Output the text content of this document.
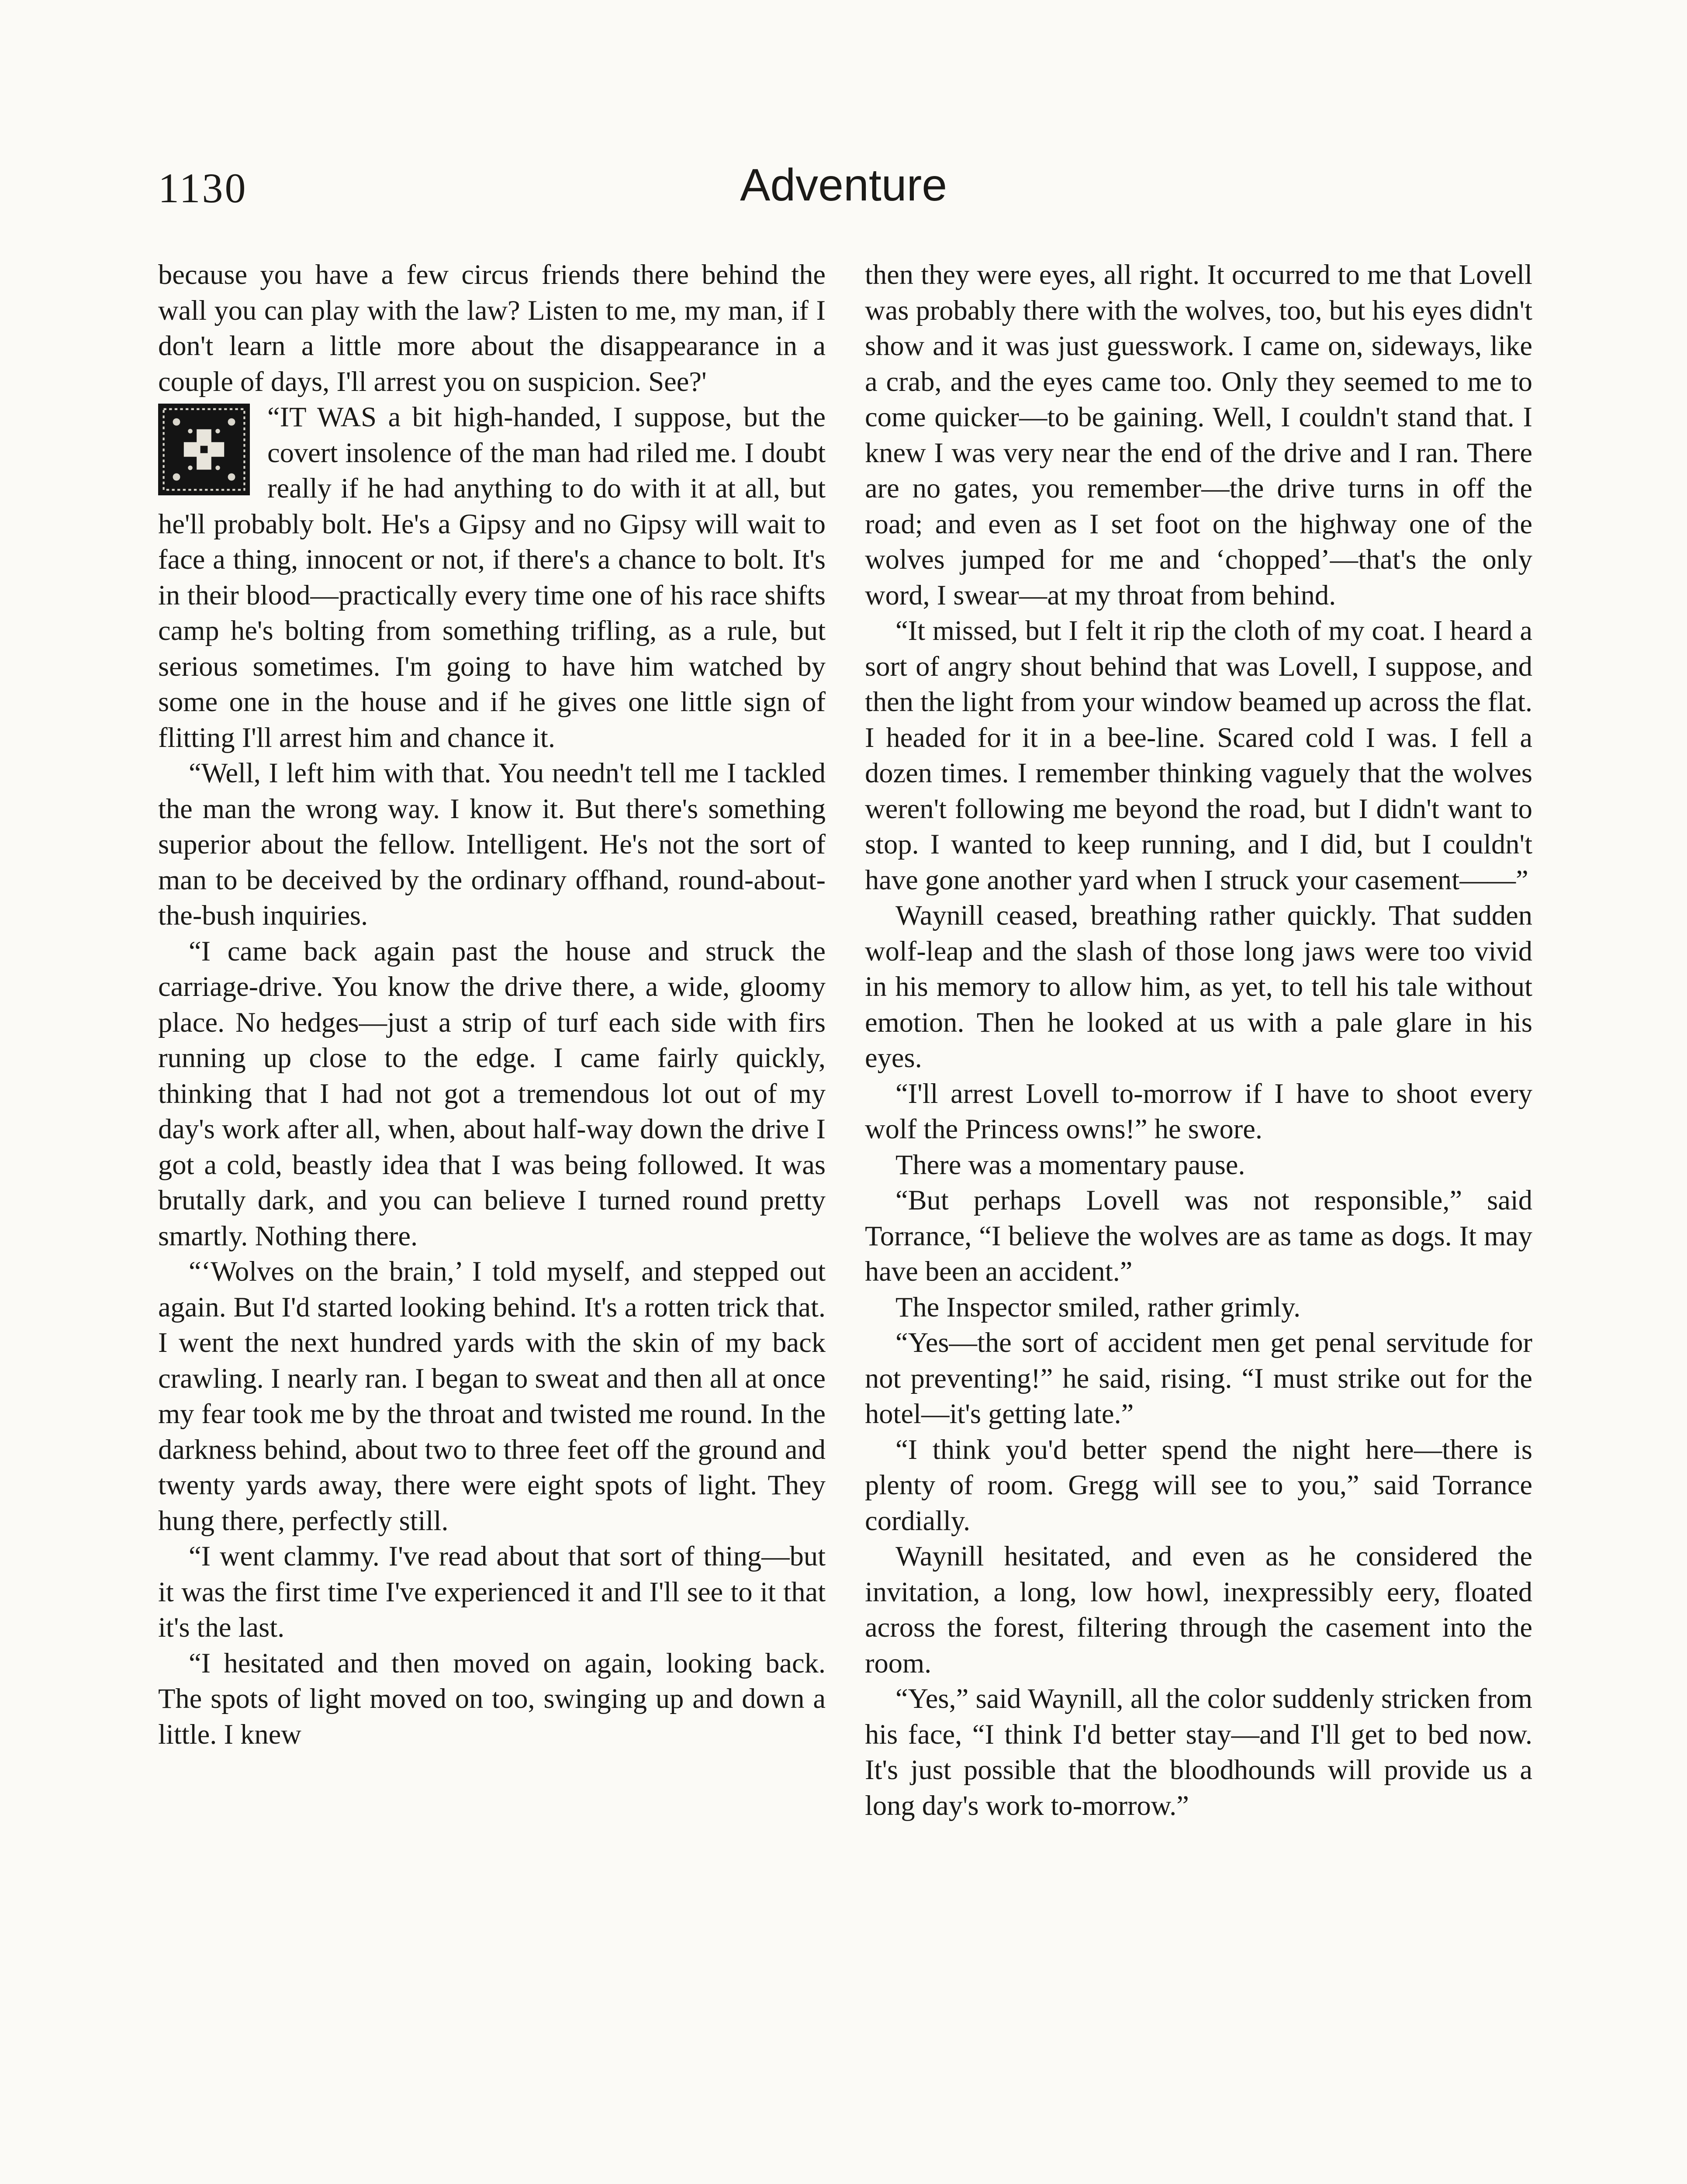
1130	Adventure

because you have a few circus friends there behind the wall you can play with the law? Listen to me, my man, if I don't learn a little more about the disappearance in a couple of days, I'll arrest you on suspicion. See?'

“IT WAS a bit high-handed, I suppose, but the covert insolence of the man had riled me. I doubt really if he had anything to do with it at all, but he'll probably bolt. He's a Gipsy and no Gipsy will wait to face a thing, innocent or not, if there's a chance to bolt. It's in their blood—practically every time one of his race shifts camp he's bolting from something trifling, as a rule, but serious sometimes. I'm going to have him watched by some one in the house and if he gives one little sign of flitting I'll arrest him and chance it.

“Well, I left him with that. You needn't tell me I tackled the man the wrong way. I know it. But there's something superior about the fellow. Intelligent. He's not the sort of man to be deceived by the ordinary offhand, round-about-the-bush inquiries.

“I came back again past the house and struck the carriage-drive. You know the drive there, a wide, gloomy place. No hedges—just a strip of turf each side with firs running up close to the edge. I came fairly quickly, thinking that I had not got a tremendous lot out of my day's work after all, when, about half-way down the drive I got a cold, beastly idea that I was being followed. It was brutally dark, and you can believe I turned round pretty smartly. Nothing there.

“‘Wolves on the brain,’ I told myself, and stepped out again. But I'd started looking behind. It's a rotten trick that. I went the next hundred yards with the skin of my back crawling. I nearly ran. I began to sweat and then all at once my fear took me by the throat and twisted me round. In the darkness behind, about two to three feet off the ground and twenty yards away, there were eight spots of light. They hung there, perfectly still.

“I went clammy. I've read about that sort of thing—but it was the first time I've experienced it and I'll see to it that it's the last.

“I hesitated and then moved on again, looking back. The spots of light moved on too, swinging up and down a little. I knew

then they were eyes, all right. It occurred to me that Lovell was probably there with the wolves, too, but his eyes didn't show and it was just guesswork. I came on, sideways, like a crab, and the eyes came too. Only they seemed to me to come quicker—to be gaining. Well, I couldn't stand that. I knew I was very near the end of the drive and I ran. There are no gates, you remember—the drive turns in off the road; and even as I set foot on the highway one of the wolves jumped for me and ‘chopped’—that's the only word, I swear—at my throat from behind.

“It missed, but I felt it rip the cloth of my coat. I heard a sort of angry shout behind that was Lovell, I suppose, and then the light from your window beamed up across the flat. I headed for it in a bee-line. Scared cold I was. I fell a dozen times. I remember thinking vaguely that the wolves weren't following me beyond the road, but I didn't want to stop. I wanted to keep running, and I did, but I couldn't have gone another yard when I struck your casement——”

Waynill ceased, breathing rather quickly. That sudden wolf-leap and the slash of those long jaws were too vivid in his memory to allow him, as yet, to tell his tale without emotion. Then he looked at us with a pale glare in his eyes.

“I'll arrest Lovell to-morrow if I have to shoot every wolf the Princess owns!” he swore.

There was a momentary pause.

“But perhaps Lovell was not responsible,” said Torrance, “I believe the wolves are as tame as dogs. It may have been an accident.”

The Inspector smiled, rather grimly.

“Yes—the sort of accident men get penal servitude for not preventing!” he said, rising. “I must strike out for the hotel—it's getting late.”

“I think you'd better spend the night here—there is plenty of room. Gregg will see to you,” said Torrance cordially.

Waynill hesitated, and even as he considered the invitation, a long, low howl, inexpressibly eery, floated across the forest, filtering through the casement into the room.

“Yes,” said Waynill, all the color suddenly stricken from his face, “I think I'd better stay—and I'll get to bed now. It's just possible that the bloodhounds will provide us a long day's work to-morrow.”
